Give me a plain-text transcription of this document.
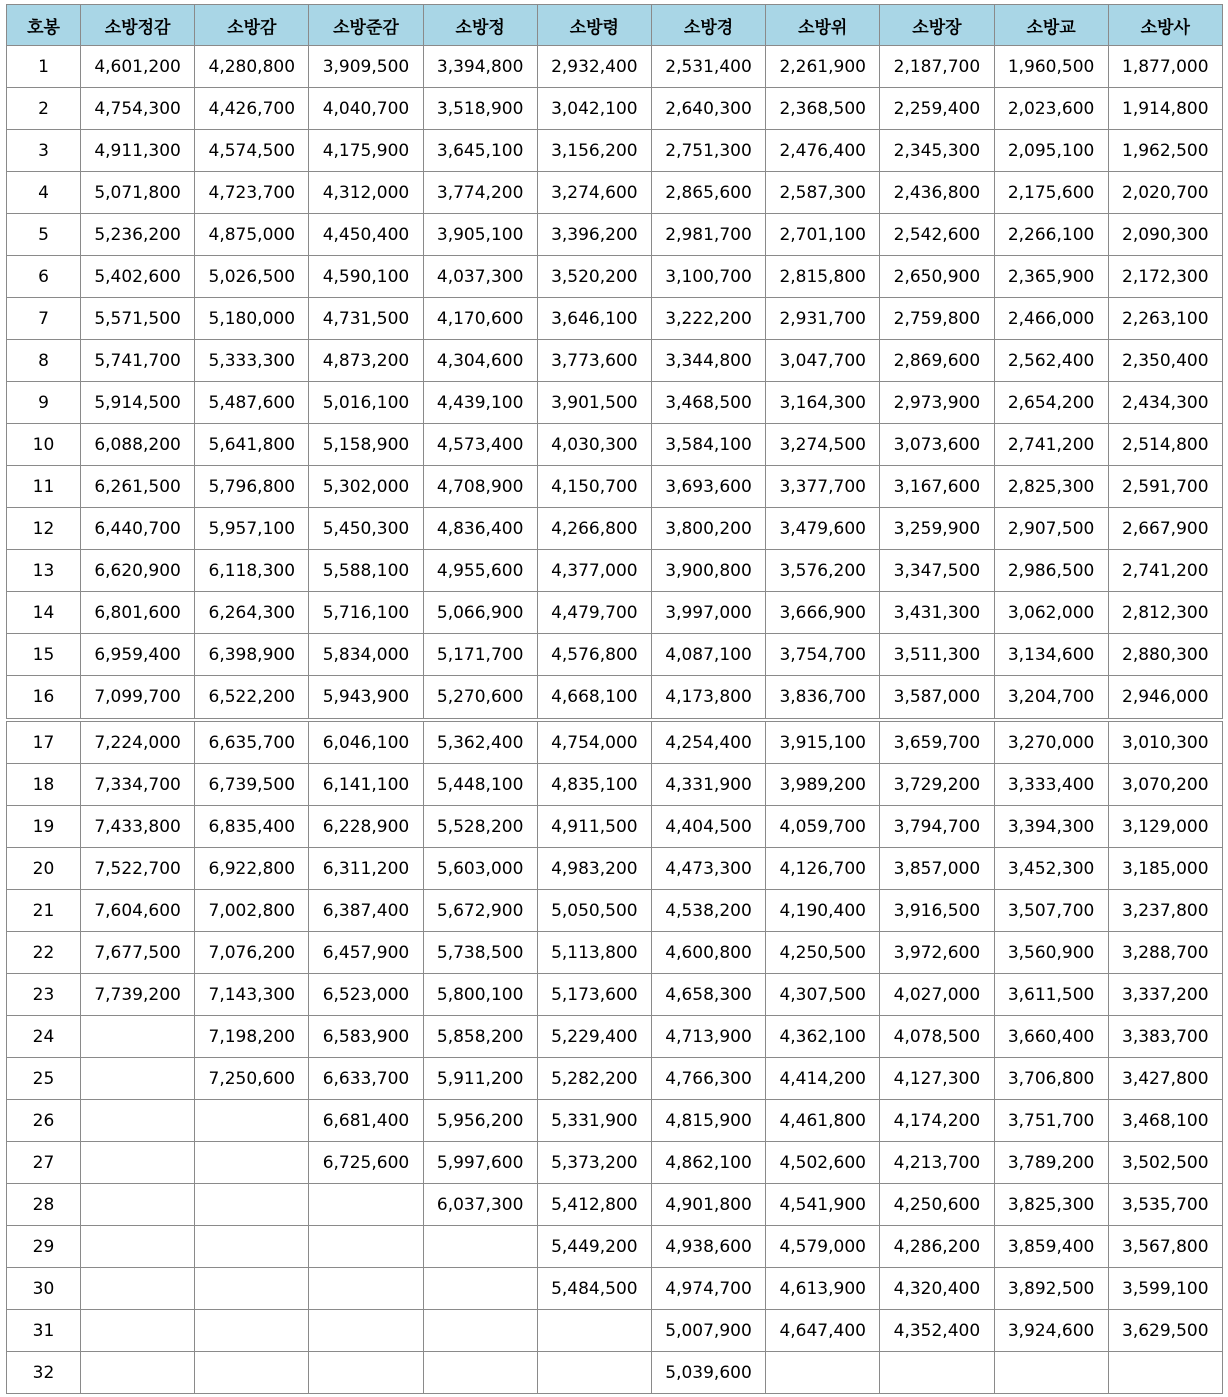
호봉	소방정감	소방감	소방준감	소방정	소방령	소방경	소방위	소방장	소방교	소방사
1	4,601,200	4,280,800	3,909,500	3,394,800	2,932,400	2,531,400	2,261,900	2,187,700	1,960,500	1,877,000
2	4,754,300	4,426,700	4,040,700	3,518,900	3,042,100	2,640,300	2,368,500	2,259,400	2,023,600	1,914,800
3	4,911,300	4,574,500	4,175,900	3,645,100	3,156,200	2,751,300	2,476,400	2,345,300	2,095,100	1,962,500
4	5,071,800	4,723,700	4,312,000	3,774,200	3,274,600	2,865,600	2,587,300	2,436,800	2,175,600	2,020,700
5	5,236,200	4,875,000	4,450,400	3,905,100	3,396,200	2,981,700	2,701,100	2,542,600	2,266,100	2,090,300
6	5,402,600	5,026,500	4,590,100	4,037,300	3,520,200	3,100,700	2,815,800	2,650,900	2,365,900	2,172,300
7	5,571,500	5,180,000	4,731,500	4,170,600	3,646,100	3,222,200	2,931,700	2,759,800	2,466,000	2,263,100
8	5,741,700	5,333,300	4,873,200	4,304,600	3,773,600	3,344,800	3,047,700	2,869,600	2,562,400	2,350,400
9	5,914,500	5,487,600	5,016,100	4,439,100	3,901,500	3,468,500	3,164,300	2,973,900	2,654,200	2,434,300
10	6,088,200	5,641,800	5,158,900	4,573,400	4,030,300	3,584,100	3,274,500	3,073,600	2,741,200	2,514,800
11	6,261,500	5,796,800	5,302,000	4,708,900	4,150,700	3,693,600	3,377,700	3,167,600	2,825,300	2,591,700
12	6,440,700	5,957,100	5,450,300	4,836,400	4,266,800	3,800,200	3,479,600	3,259,900	2,907,500	2,667,900
13	6,620,900	6,118,300	5,588,100	4,955,600	4,377,000	3,900,800	3,576,200	3,347,500	2,986,500	2,741,200
14	6,801,600	6,264,300	5,716,100	5,066,900	4,479,700	3,997,000	3,666,900	3,431,300	3,062,000	2,812,300
15	6,959,400	6,398,900	5,834,000	5,171,700	4,576,800	4,087,100	3,754,700	3,511,300	3,134,600	2,880,300
16	7,099,700	6,522,200	5,943,900	5,270,600	4,668,100	4,173,800	3,836,700	3,587,000	3,204,700	2,946,000
17	7,224,000	6,635,700	6,046,100	5,362,400	4,754,000	4,254,400	3,915,100	3,659,700	3,270,000	3,010,300
18	7,334,700	6,739,500	6,141,100	5,448,100	4,835,100	4,331,900	3,989,200	3,729,200	3,333,400	3,070,200
19	7,433,800	6,835,400	6,228,900	5,528,200	4,911,500	4,404,500	4,059,700	3,794,700	3,394,300	3,129,000
20	7,522,700	6,922,800	6,311,200	5,603,000	4,983,200	4,473,300	4,126,700	3,857,000	3,452,300	3,185,000
21	7,604,600	7,002,800	6,387,400	5,672,900	5,050,500	4,538,200	4,190,400	3,916,500	3,507,700	3,237,800
22	7,677,500	7,076,200	6,457,900	5,738,500	5,113,800	4,600,800	4,250,500	3,972,600	3,560,900	3,288,700
23	7,739,200	7,143,300	6,523,000	5,800,100	5,173,600	4,658,300	4,307,500	4,027,000	3,611,500	3,337,200
24		7,198,200	6,583,900	5,858,200	5,229,400	4,713,900	4,362,100	4,078,500	3,660,400	3,383,700
25		7,250,600	6,633,700	5,911,200	5,282,200	4,766,300	4,414,200	4,127,300	3,706,800	3,427,800
26			6,681,400	5,956,200	5,331,900	4,815,900	4,461,800	4,174,200	3,751,700	3,468,100
27			6,725,600	5,997,600	5,373,200	4,862,100	4,502,600	4,213,700	3,789,200	3,502,500
28				6,037,300	5,412,800	4,901,800	4,541,900	4,250,600	3,825,300	3,535,700
29					5,449,200	4,938,600	4,579,000	4,286,200	3,859,400	3,567,800
30					5,484,500	4,974,700	4,613,900	4,320,400	3,892,500	3,599,100
31						5,007,900	4,647,400	4,352,400	3,924,600	3,629,500
32						5,039,600				
